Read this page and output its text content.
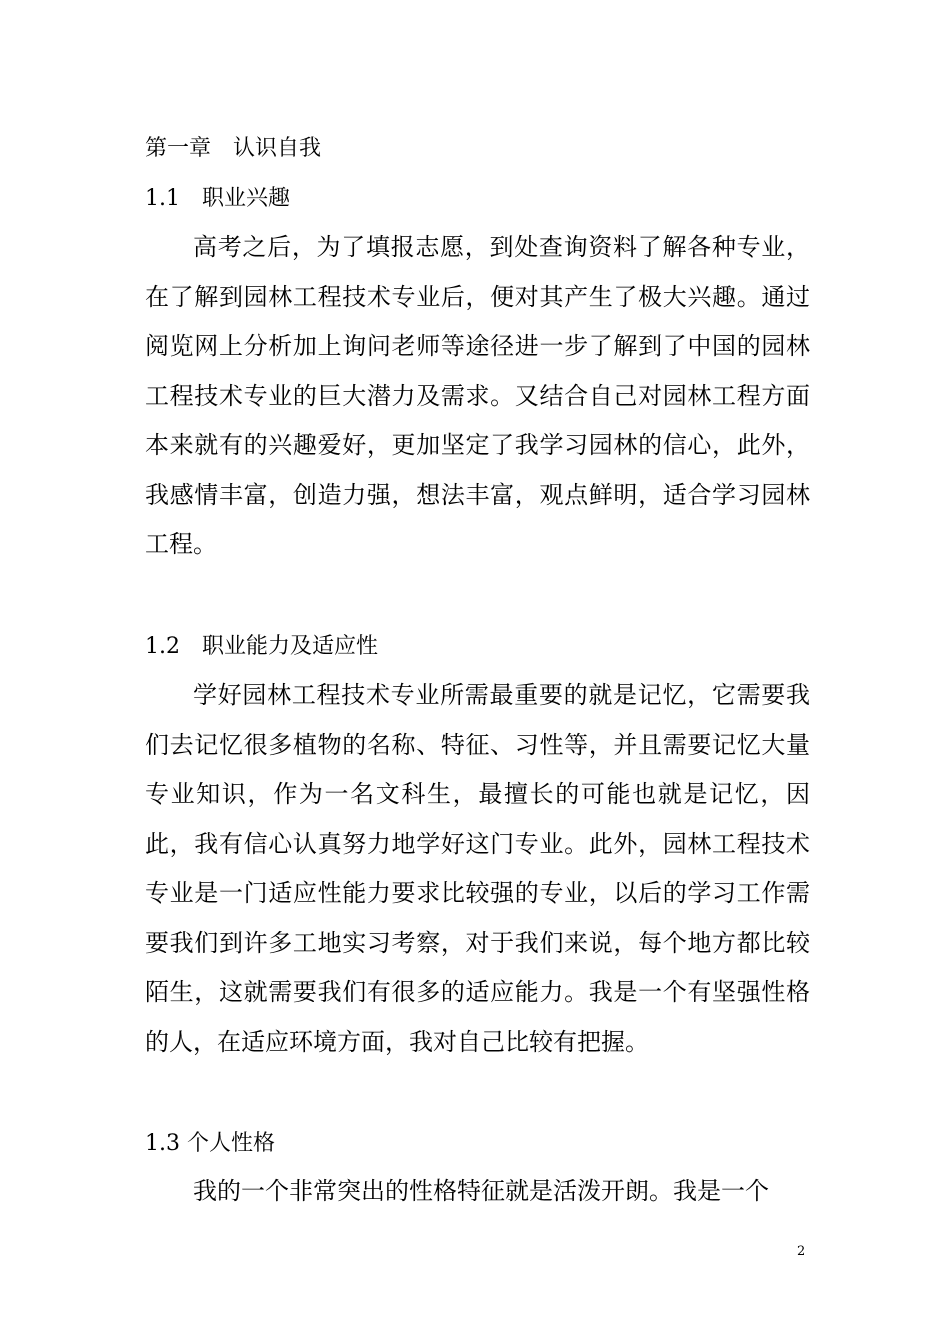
第一章　认识自我
1.1　职业兴趣

高考之后，为了填报志愿，到处查询资料了解各种专业，在了解到园林工程技术专业后，便对其产生了极大兴趣。通过阅览网上分析加上询问老师等途径进一步了解到了中国的园林工程技术专业的巨大潜力及需求。又结合自己对园林工程方面本来就有的兴趣爱好，更加坚定了我学习园林的信心，此外，我感情丰富，创造力强，想法丰富，观点鲜明，适合学习园林工程。

1.2　职业能力及适应性

学好园林工程技术专业所需最重要的就是记忆，它需要我们去记忆很多植物的名称、特征、习性等，并且需要记忆大量专业知识，作为一名文科生，最擅长的可能也就是记忆，因此，我有信心认真努力地学好这门专业。此外，园林工程技术专业是一门适应性能力要求比较强的专业，以后的学习工作需要我们到许多工地实习考察，对于我们来说，每个地方都比较陌生，这就需要我们有很多的适应能力。我是一个有坚强性格的人，在适应环境方面，我对自己比较有把握。

1.3 个人性格

我的一个非常突出的性格特征就是活泼开朗。我是一个

2
